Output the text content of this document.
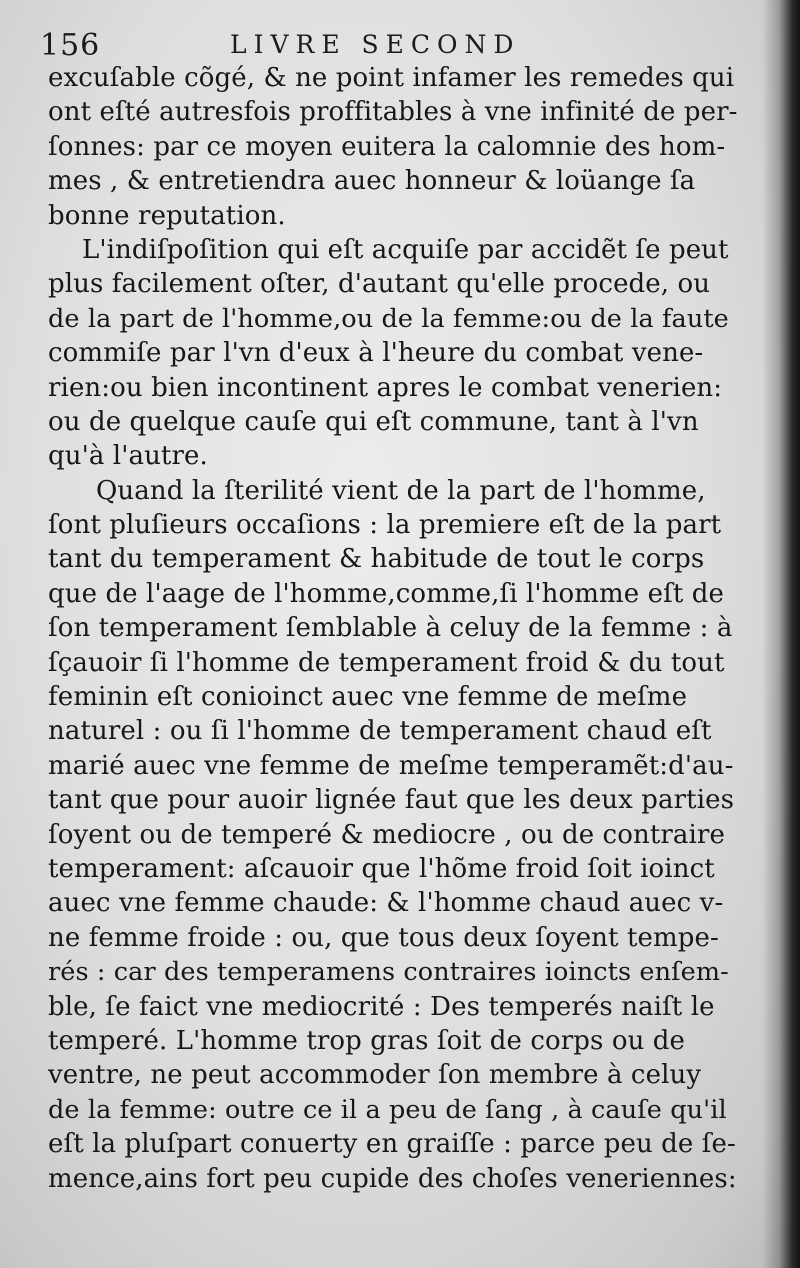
156	LIVRE SECOND
excuſable cõgé, & ne point infamer les remedes qui
ont eſté autresfois proffitables à vne infinité de per-
ſonnes: par ce moyen euitera la calomnie des hom-
mes , & entretiendra auec honneur & loüange ſa
bonne reputation.
L'indiſpoſition qui eſt acquiſe par accidẽt ſe peut
plus facilement oſter, d'autant qu'elle procede, ou
de la part de l'homme,ou de la femme:ou de la faute
commiſe par l'vn d'eux à l'heure du combat vene-
rien:ou bien incontinent apres le combat venerien:
ou de quelque cauſe qui eſt commune, tant à l'vn
qu'à l'autre.
Quand la ſterilité vient de la part de l'homme,
ſont pluſieurs occaſions : la premiere eſt de la part
tant du temperament & habitude de tout le corps
que de l'aage de l'homme,comme,ſi l'homme eſt de
ſon temperament ſemblable à celuy de la femme : à
ſçauoir ſi l'homme de temperament froid & du tout
feminin eſt conioinct auec vne femme de meſme
naturel : ou ſi l'homme de temperament chaud eſt
marié auec vne femme de meſme temperamẽt:d'au-
tant que pour auoir lignée faut que les deux parties
ſoyent ou de temperé & mediocre , ou de contraire
temperament: aſcauoir que l'hõme froid ſoit ioinct
auec vne femme chaude: & l'homme chaud auec v-
ne femme froide : ou, que tous deux ſoyent tempe-
rés : car des temperamens contraires ioincts enſem-
ble, ſe faict vne mediocrité : Des temperés naiſt le
temperé. L'homme trop gras ſoit de corps ou de
ventre, ne peut accommoder ſon membre à celuy
de la femme: outre ce il a peu de ſang , à cauſe qu'il
eſt la pluſpart conuerty en graiſſe : parce peu de ſe-
mence,ains fort peu cupide des choſes veneriennes:
